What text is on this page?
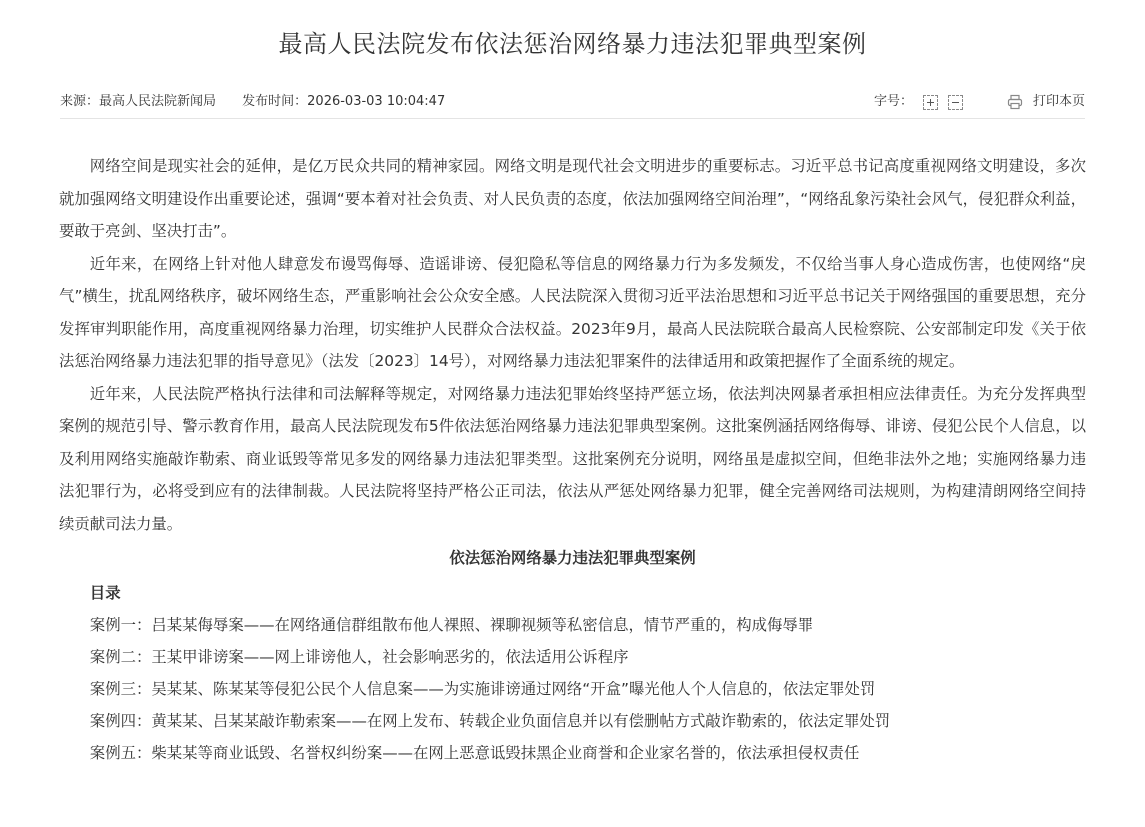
最高人民法院发布依法惩治网络暴力违法犯罪典型案例
来源：最高人民法院新闻局 发布时间：2026-03-03 10:04:47	字号：	打印本页

网络空间是现实社会的延伸，是亿万民众共同的精神家园。网络文明是现代社会文明进步的重要标志。习近平总书记高度重视网络文明建设，多次就加强网络文明建设作出重要论述，强调“要本着对社会负责、对人民负责的态度，依法加强网络空间治理”，“网络乱象污染社会风气，侵犯群众利益，要敢于亮剑、坚决打击”。

近年来，在网络上针对他人肆意发布谩骂侮辱、造谣诽谤、侵犯隐私等信息的网络暴力行为多发频发，不仅给当事人身心造成伤害，也使网络“戾气”横生，扰乱网络秩序，破坏网络生态，严重影响社会公众安全感。人民法院深入贯彻习近平法治思想和习近平总书记关于网络强国的重要思想，充分发挥审判职能作用，高度重视网络暴力治理，切实维护人民群众合法权益。2023年9月，最高人民法院联合最高人民检察院、公安部制定印发《关于依法惩治网络暴力违法犯罪的指导意见》（法发〔2023〕14号），对网络暴力违法犯罪案件的法律适用和政策把握作了全面系统的规定。

近年来，人民法院严格执行法律和司法解释等规定，对网络暴力违法犯罪始终坚持严惩立场，依法判决网暴者承担相应法律责任。为充分发挥典型案例的规范引导、警示教育作用，最高人民法院现发布5件依法惩治网络暴力违法犯罪典型案例。这批案例涵括网络侮辱、诽谤、侵犯公民个人信息，以及利用网络实施敲诈勒索、商业诋毁等常见多发的网络暴力违法犯罪类型。这批案例充分说明，网络虽是虚拟空间，但绝非法外之地；实施网络暴力违法犯罪行为，必将受到应有的法律制裁。人民法院将坚持严格公正司法，依法从严惩处网络暴力犯罪，健全完善网络司法规则，为构建清朗网络空间持续贡献司法力量。

依法惩治网络暴力违法犯罪典型案例

目录

案例一：吕某某侮辱案——在网络通信群组散布他人裸照、裸聊视频等私密信息，情节严重的，构成侮辱罪

案例二：王某甲诽谤案——网上诽谤他人，社会影响恶劣的，依法适用公诉程序

案例三：吴某某、陈某某等侵犯公民个人信息案——为实施诽谤通过网络“开盒”曝光他人个人信息的，依法定罪处罚

案例四：黄某某、吕某某敲诈勒索案——在网上发布、转载企业负面信息并以有偿删帖方式敲诈勒索的，依法定罪处罚

案例五：柴某某等商业诋毁、名誉权纠纷案——在网上恶意诋毁抹黑企业商誉和企业家名誉的，依法承担侵权责任
